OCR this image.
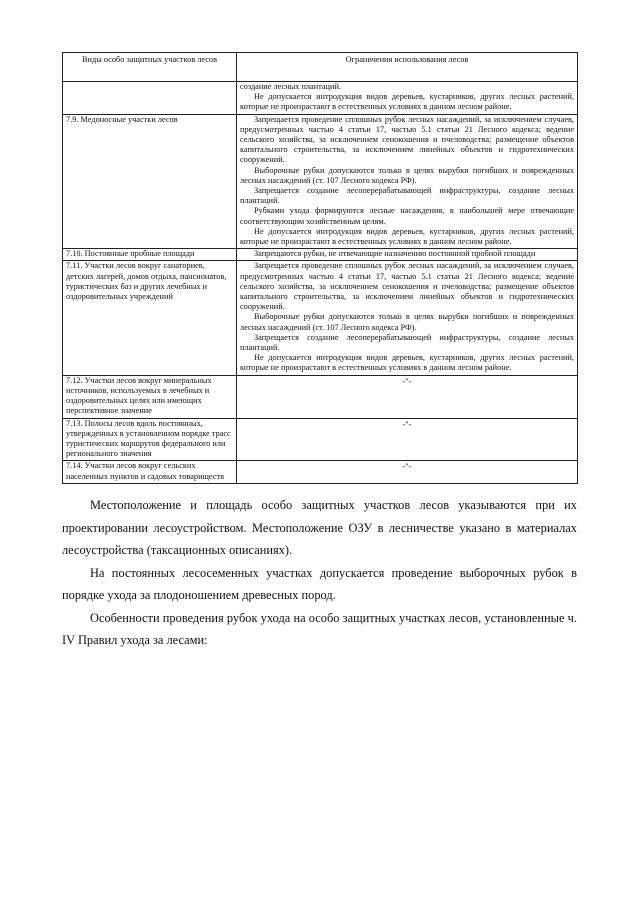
Виды особо защитных участков лесов	Ограничения использования лесов

	создание лесных плантаций.

Не допускается интродукция видов деревьев, кустарников, других лесных растений, которые не произрастают в естественных условиях в данном лесном районе.

7.9. Медоносные участки лесов	Запрещается проведение сплошных рубок лесных насаждений, за исключением случаев, предусмотренных частью 4 статьи 17, частью 5.1 статьи 21 Лесного кодекса; ведение сельского хозяйства, за исключением сенокошения и пчеловодства; размещение объектов капитального строительства, за исключением линейных объектов и гидротехнических сооружений.

Выборочные рубки допускаются только в целях вырубки погибших и поврежденных лесных насаждений (ст. 107 Лесного кодекса РФ).

Запрещается создание лесоперерабатывающей инфраструктуры, создание лесных плантаций.

Рубками ухода формируются лесные насаждения, в наибольшей мере отвечающие соответствующим хозяйственным целям.

Не допускается интродукция видов деревьев, кустарников, других лесных растений, которые не произрастают в естественных условиях в данном лесном районе.

7.10. Постоянные пробные площади	Запрещаются рубки, не отвечающие назначению постоянной пробной площади

7.11. Участки лесов вокруг санаториев, детских лагерей, домов отдыха, пансионатов, туристических баз и других лечебных и оздоровительных учреждений	Запрещается проведение сплошных рубок лесных насаждений, за исключением случаев, предусмотренных частью 4 статьи 17, частью 5.1 статьи 21 Лесного кодекса; ведение сельского хозяйства, за исключением сенокошения и пчеловодства; размещение объектов капитального строительства, за исключением линейных объектов и гидротехнических сооружений.

Выборочные рубки допускаются только в целях вырубки погибших и поврежденных лесных насаждений (ст. 107 Лесного кодекса РФ).

Запрещается создание лесоперерабатывающей инфраструктуры, создание лесных плантаций.

Не допускается интродукция видов деревьев, кустарников, других лесных растений, которые не произрастают в естественных условиях в данном лесном районе.

7.12. Участки лесов вокруг минеральных источников, используемых в лечебных и оздоровительных целях или имеющих перспективное значение	-"-
7.13. Полосы лесов вдоль постоянных, утвержденных в установленном порядке трасс туристических маршрутов федерального или регионального значения	-"-
7.14. Участки лесов вокруг сельских населенных пунктов и садовых товариществ	-"-

Местоположение и площадь особо защитных участков лесов указываются при их проектировании лесоустройством. Местоположение ОЗУ в лесничестве указано в материалах лесоустройства (таксационных описаниях).

На постоянных лесосеменных участках допускается проведение выборочных рубок в порядке ухода за плодоношением древесных пород.

Особенности проведения рубок ухода на особо защитных участках лесов, установленные ч. IV Правил ухода за лесами:
